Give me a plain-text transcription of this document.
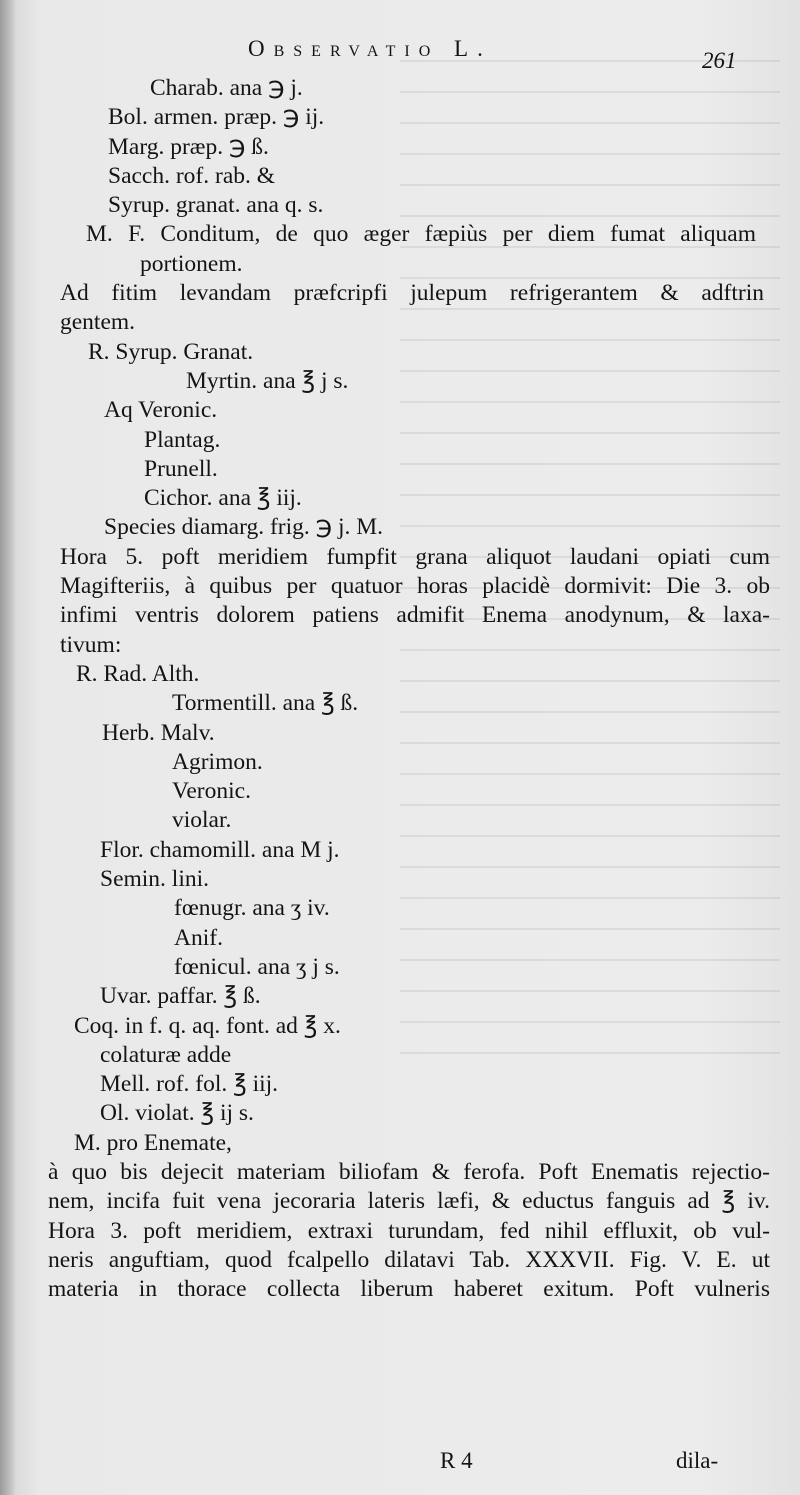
Observatio L.	261
Charab. ana ℈ j.
Bol. armen. præp. ℈ ij.
Marg. præp. ℈ ß.
Sacch. rof. rab. &
Syrup. granat. ana q. s.
M. F. Conditum, de quo æger fæpiùs per diem fumat aliquam
portionem.
Ad fitim levandam præfcripfi julepum refrigerantem & adftrin
gentem.
R. Syrup. Granat.
Myrtin. ana ℥ j s.
Aq Veronic.
Plantag.
Prunell.
Cichor. ana ℥ iij.
Species diamarg. frig. ℈ j. M.
Hora 5. poft meridiem fumpfit grana aliquot laudani opiati cum
Magifteriis, à quibus per quatuor horas placidè dormivit: Die 3. ob
infimi ventris dolorem patiens admifit Enema anodynum, & laxa-
tivum:
R. Rad. Alth.
Tormentill. ana ℥ ß.
Herb. Malv.
Agrimon.
Veronic.
violar.
Flor. chamomill. ana M j.
Semin. lini.
fœnugr. ana ʒ iv.
Anif.
fœnicul. ana ʒ j s.
Uvar. paffar. ℥ ß.
Coq. in f. q. aq. font. ad ℥ x.
colaturæ adde
Mell. rof. fol. ℥ iij.
Ol. violat. ℥ ij s.
M. pro Enemate,
à quo bis dejecit materiam biliofam & ferofa. Poft Enematis rejectio-
nem, incifa fuit vena jecoraria lateris læfi, & eductus fanguis ad ℥ iv.
Hora 3. poft meridiem, extraxi turundam, fed nihil effluxit, ob vul-
neris anguftiam, quod fcalpello dilatavi Tab. XXXVII. Fig. V. E. ut
materia in thorace collecta liberum haberet exitum. Poft vulneris
R 4	dila-
